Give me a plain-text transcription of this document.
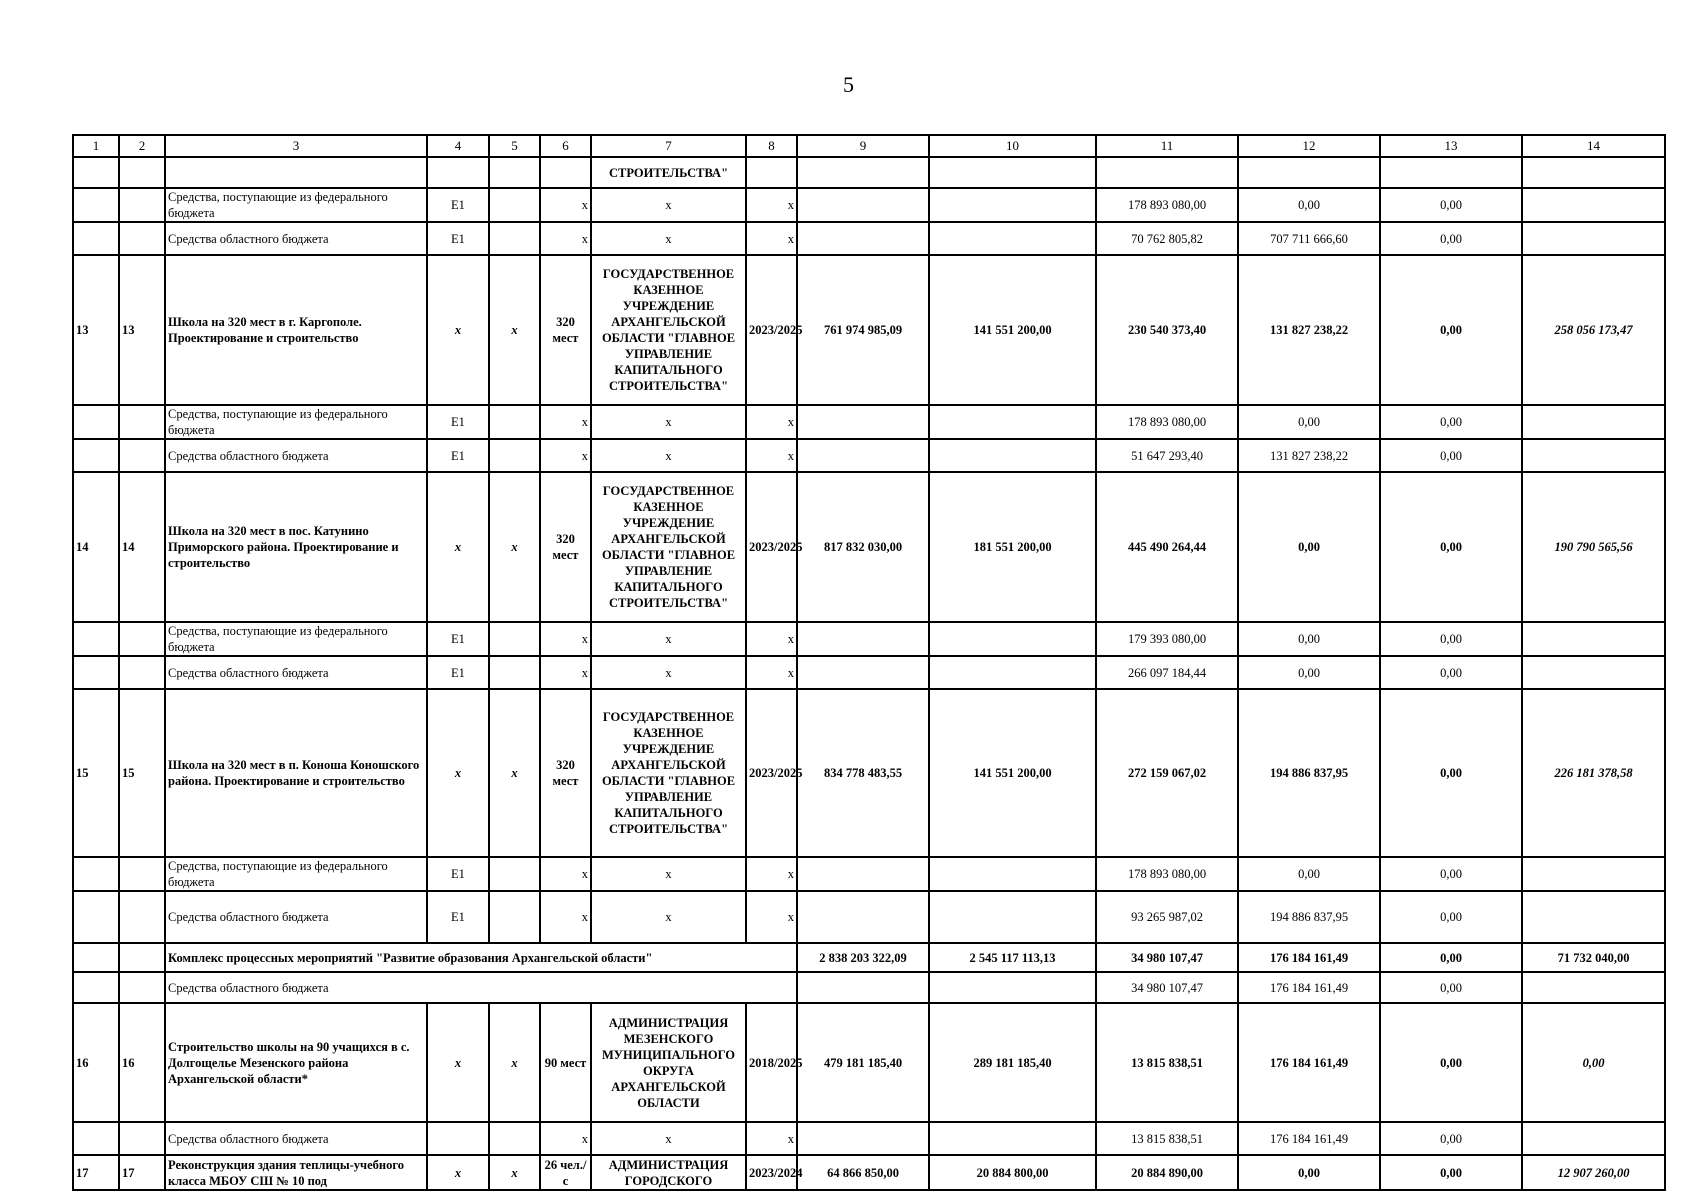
5
1	2	3	4	5	6	7	8	9	10	11	12	13	14
						СТРОИТЕЛЬСТВА"							
		Средства, поступающие из федерального бюджета	Е1		х	х	х			178 893 080,00	0,00	0,00	
		Средства областного бюджета	Е1		х	х	х			70 762 805,82	707 711 666,60	0,00	
13	13	Школа на 320 мест в г. Каргополе. Проектирование и строительство	х	х	320 мест	ГОСУДАРСТВЕННОЕ КАЗЕННОЕ УЧРЕЖДЕНИЕ АРХАНГЕЛЬСКОЙ ОБЛАСТИ "ГЛАВНОЕ УПРАВЛЕНИЕ КАПИТАЛЬНОГО СТРОИТЕЛЬСТВА"	2023/2025	761 974 985,09	141 551 200,00	230 540 373,40	131 827 238,22	0,00	258 056 173,47
		Средства, поступающие из федерального бюджета	Е1		х	х	х			178 893 080,00	0,00	0,00	
		Средства областного бюджета	Е1		х	х	х			51 647 293,40	131 827 238,22	0,00	
14	14	Школа на 320 мест в пос. Катунино Приморского района. Проектирование и строительство	х	х	320 мест	ГОСУДАРСТВЕННОЕ КАЗЕННОЕ УЧРЕЖДЕНИЕ АРХАНГЕЛЬСКОЙ ОБЛАСТИ "ГЛАВНОЕ УПРАВЛЕНИЕ КАПИТАЛЬНОГО СТРОИТЕЛЬСТВА"	2023/2025	817 832 030,00	181 551 200,00	445 490 264,44	0,00	0,00	190 790 565,56
		Средства, поступающие из федерального бюджета	Е1		х	х	х			179 393 080,00	0,00	0,00	
		Средства областного бюджета	Е1		х	х	х			266 097 184,44	0,00	0,00	
15	15	Школа на 320 мест в п. Коноша Коношского района. Проектирование и строительство	х	х	320 мест	ГОСУДАРСТВЕННОЕ КАЗЕННОЕ УЧРЕЖДЕНИЕ АРХАНГЕЛЬСКОЙ ОБЛАСТИ "ГЛАВНОЕ УПРАВЛЕНИЕ КАПИТАЛЬНОГО СТРОИТЕЛЬСТВА"	2023/2025	834 778 483,55	141 551 200,00	272 159 067,02	194 886 837,95	0,00	226 181 378,58
		Средства, поступающие из федерального бюджета	Е1		х	х	х			178 893 080,00	0,00	0,00	
		Средства областного бюджета	Е1		х	х	х			93 265 987,02	194 886 837,95	0,00	
		Комплекс процессных мероприятий "Развитие образования Архангельской области"						2 838 203 322,09	2 545 117 113,13	34 980 107,47	176 184 161,49	0,00	71 732 040,00
		Средства областного бюджета								34 980 107,47	176 184 161,49	0,00	
16	16	Строительство школы на 90 учащихся в с. Долгощелье Мезенского района Архангельской области*	х	х	90 мест	АДМИНИСТРАЦИЯ МЕЗЕНСКОГО МУНИЦИПАЛЬНОГО ОКРУГА АРХАНГЕЛЬСКОЙ ОБЛАСТИ	2018/2025	479 181 185,40	289 181 185,40	13 815 838,51	176 184 161,49	0,00	0,00
		Средства областного бюджета			х	х	х			13 815 838,51	176 184 161,49	0,00	
17	17	Реконструкция здания теплицы-учебного класса МБОУ СШ № 10 под	х	х	26 чел./с	АДМИНИСТРАЦИЯ ГОРОДСКОГО	2023/2024	64 866 850,00	20 884 800,00	20 884 890,00	0,00	0,00	12 907 260,00
